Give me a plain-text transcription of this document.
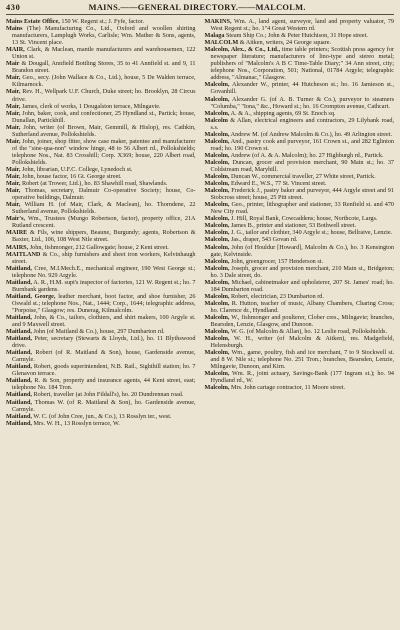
430	MAINS.——GENERAL DIRECTORY.——MALCOLM.
Mains Estate Office, 150 W. Regent st.; J. Fyfe, factor.
Mains (The) Manufacturing Co., Ltd., Oxford and woollen shirting manufacturers, Lamplugh Works, Carlisle; Wm. Mather & Sons, agents, 13 St. Vincent place.
MAIR, Clark, & Maclean, mantle manufacturers and warehousemen, 122 Union st.
Mair & Dougall, Annfield Bottling Stores, 35 to 41 Annfield st. and 9, 11 Brandon street.
Mair, Geo., secy. (John Wallace & Co., Ltd.), house, 5 De Walden terrace, Kilmarnock.
Mair, Rev. H., Wellpark U.F. Church, Duke street; ho. Brooklyn, 28 Circus drive.
Mair, James, clerk of works, 1 Dougalston terrace, Milngavie.
Mair, John, baker, cook, and confectioner, 25 Hyndland st., Partick; house, Dunallan, Partickhill.
Mair, John, writer (of Brown, Mair, Gemmill, & Hislop), res. Cathkin, Sutherland avenue, Pollokshields.
Mair, John, joiner, shop fitter, show case maker, patentee and manufacturer of the "sine-qua-non" window hinge, 48 to 56 Albert rd., Pollokshields; telephone Nos., Nat. 83 Crosshill; Corp. X369; house, 220 Albert road, Pollokshields.
Mair, John, librarian, U.F.C. College, Lynedoch st.
Mair, John, house factor, 16 Gt. George street.
Mair, Robert (at Trower, Ltd.), ho. 83 Shawhill road, Shawlands.
Mair, Thomas, secretary, Dalmuir Co-operative Society; house, Co-operative buildings, Dalmuir.
Mair, William H. (of Mair, Clark, & Maclean), ho. Thorndene, 22 Sutherland avenue, Pollokshields.
Mair's, Wm., Trustees (Mungo Robertson, factor), property office, 21A Rutland crescent.
MAIRE & Fils, wine shippers, Beaune, Burgundy; agents, Robertson & Baxter, Ltd., 106, 108 West Nile street.
MAIRS, John, fishmonger, 212 Gallowgate; house, 2 Kent street.
MAITLAND & Co., ship furnishers and sheet iron workers, Kelvinhaugh street.
Maitland, Cree, M.I.Mech.E., mechanical engineer, 190 West George st.; telephone No. 929 Argyle.
Maitland, A. R., H.M. supt's inspector of factories, 121 W. Regent st.; ho. 7 Burnbank gardens.
Maitland, George, leather merchant, boot factor, and shoe furnisher, 26 Oswald st.; telephone Nos., Nat., 1444; Corp., 1644; telegraphic address, "Porpoise," Glasgow; res. Dunerag, Kilmalcolm.
Maitland, John, & Co., tailors, clothiers, and shirt makers, 100 Argyle st. and 9 Maxwell street.
Maitland, John (of Maitland & Co.), house, 297 Dumbarton rd.
Maitland, Peter, secretary (Stewarts & Lloyds, Ltd.), ho. 11 Blythswood drive.
Maitland, Robert (of R. Maitland & Son), house, Gardenside avenue, Carmyle.
Maitland, Robert, goods superintendent, N.B. Rail., Sighthill station; ho. 7 Glenavon terrace.
Maitland, R. & Son, property and insurance agents, 44 Kent street, east; telephone No. 184 Tron.
Maitland, Robert, traveller (at John Fildall's), ho. 20 Dundrennan road.
Maitland, Thomas W. (of R. Maitland & Son), ho. Gardenside avenue, Carmyle.
Maitland, W. C. (of John Cree, jun., & Co.), 13 Rosslyn ter., west.
Maitland, Mrs. W. H., 13 Rosslyn terrace, W.
MAKINS, Wm. A., land agent, surveyor, land and property valuator, 79 West Regent st.; ho. 1"4 Great Western rd.
Malaga Steam Ship Co.; John & Peter Hutchison, 31 Hope street.
MALCOLM & Aitken, writers, 24 George square.
Malcolm, Alex., & Co., Ltd., time table printers; Scottish press agency for newspaper literature; manufacturers of lino-type and stereo metal; publishers of "Malcolm's A B C Time-Table Diary;" 34 Ann street, city; telephone Nos., Corporation, 501; National, 01784 Argyle; telegraphic address, "Almanac," Glasgow.
Malcolm, Alexander W., printer, 44 Hutcheson st.; ho. 16 Jamieson st., Govanhill.
Malcolm, Alexander G. (of A. B. Turner & Co.), purveyor to steamers "Columba," "Iona," &c., Howard st.; ho. 16 Crompton avenue, Cathcart.
Malcolm, A. & A., shipping agents, 69 St. Enoch sq.
Malcolm & Allan, electrical engineers and contractors, 29 Lilybank road, s.s.
Malcolm, Andrew M. (of Andrew Malcolm & Co.), ho. 49 Arlington street.
Malcolm, And., pastry cook and purveyor, 161 Crown st., and 282 Eglinton road; ho. 190 Crown st.
Malcolm, Andrew (of A. & A. Malcolm); ho. 27 Highburgh rd., Partick.
Malcolm, Duncan, grocer and provision merchant, 90 Main st.; ho. 37 Coldstream road, Maryhill.
Malcolm, Duncan W., commercial traveller, 27 White street, Partick.
Malcolm, Edward E., W.S., 77 St. Vincent street.
Malcolm, Frederick J., pastry baker and purveyor, 444 Argyle street and 91 Stobcross street; house, 25 Pitt street.
Malcolm, Geo., printer, lithographer and stationer, 33 Renfield st. and 470 New City road.
Malcolm, J. Hill, Royal Bank, Cowcaddens; house, Northcote, Largs.
Malcolm, James B., printer and stationer, 53 Bothwell street.
Malcolm, J. G., tailor and clothier, 340 Argyle st.; house, Bellraive, Lenzie.
Malcolm, Jas., draper, 543 Govan rd.
Malcolm, John (of Houldur [Howard], Malcolm & Co.), ho. 3 Kensington gate, Kelvinside.
Malcolm, John, greengrocer, 157 Henderson st.
Malcolm, Joseph, grocer and provision merchant, 210 Main st., Bridgeton; ho. 3 Dale street, do.
Malcolm, Michael, cabinetmaker and upholsterer, 207 St. James' road; ho. 184 Dumbarton road.
Malcolm, Robert, electrician, 23 Dumbarton rd.
Malcolm, R. Hutton, teacher of music, Albany Chambers, Charing Cross; ho. Clarence dr., Hyndland.
Malcolm, W., fishmonger and poulterer, Clober cres., Milngavie; branches, Bearsden, Lenzie, Glasgow, and Dunoon.
Malcolm, W. G. (of Malcolm & Allan), ho. 12 Leslie road, Pollokshields.
Malcolm, W. H., writer (of Malcolm & Aitken), res. Madgefield, Helensburgh.
Malcolm, Wm., game, poultry, fish and ice merchant, 7 to 9 Stockwell st. and 8 W. Nile st.; telephone No. 251 Tron.; branches, Bearsden, Lenzie, Milngavie, Dunoon, and Kirn.
Malcolm, Wm. R., joint actuary, Savings-Bank (177 Ingram st.); ho. 94 Hyndland rd., W.
Malcolm, Mrs. John cartage contractor, 11 Moore street.
